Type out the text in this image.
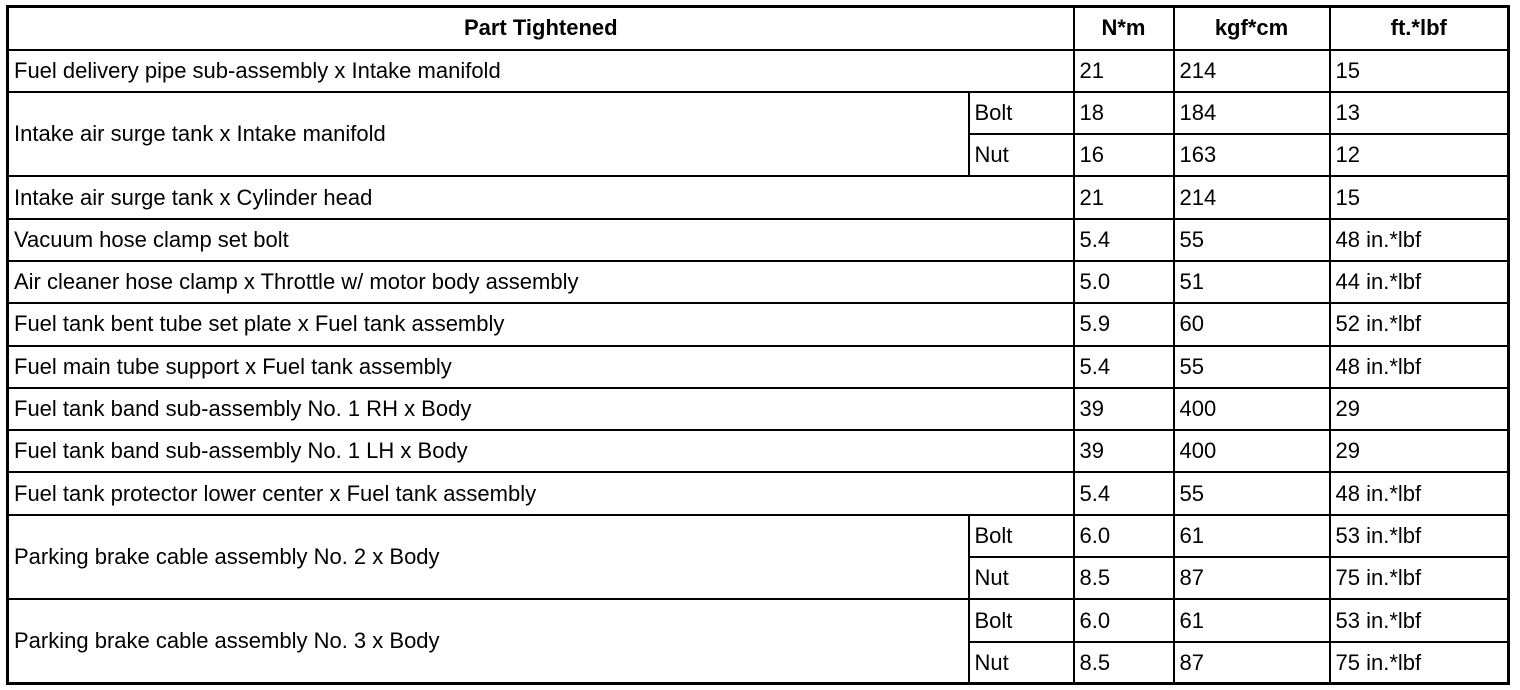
Part Tightened		N*m	kgf*cm	ft.*lbf
Fuel delivery pipe sub-assembly x Intake manifold		21	214	15
Intake air surge tank x Intake manifold	Bolt	18	184	13
	Nut	16	163	12
Intake air surge tank x Cylinder head		21	214	15
Vacuum hose clamp set bolt		5.4	55	48 in.*lbf
Air cleaner hose clamp x Throttle w/ motor body assembly		5.0	51	44 in.*lbf
Fuel tank bent tube set plate x Fuel tank assembly		5.9	60	52 in.*lbf
Fuel main tube support x Fuel tank assembly		5.4	55	48 in.*lbf
Fuel tank band sub-assembly No. 1 RH x Body		39	400	29
Fuel tank band sub-assembly No. 1 LH x Body		39	400	29
Fuel tank protector lower center x Fuel tank assembly		5.4	55	48 in.*lbf
Parking brake cable assembly No. 2 x Body	Bolt	6.0	61	53 in.*lbf
	Nut	8.5	87	75 in.*lbf
Parking brake cable assembly No. 3 x Body	Bolt	6.0	61	53 in.*lbf
	Nut	8.5	87	75 in.*lbf
